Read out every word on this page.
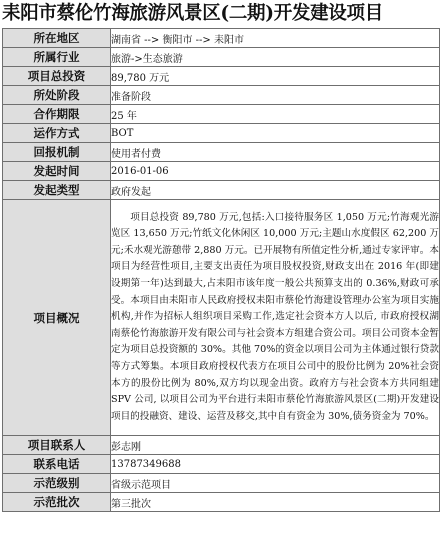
耒阳市蔡伦竹海旅游风景区(二期)开发建设项目
所在地区	湖南省 --> 衡阳市 --> 耒阳市
所属行业	旅游->生态旅游
项目总投资	89,780 万元
所处阶段	准备阶段
合作期限	25 年
运作方式	BOT
回报机制	使用者付费
发起时间	2016-01-06
发起类型	政府发起
项目概况	项目总投资 89,780 万元,包括:入口接待服务区 1,050 万元;竹海观光游览区 13,650 万元;竹纸文化休闲区 10,000 万元;主题山水度假区 62,200 万元;禾水观光游憩带 2,880 万元。已开展物有所值定性分析,通过专家评审。本项目为经营性项目,主要支出责任为项目股权投资,财政支出在 2016 年(即建设期第一年)达到最大,占耒阳市该年度一般公共预算支出的 0.36%,财政可承受。本项目由耒阳市人民政府授权耒阳市蔡伦竹海建设管理办公室为项目实施机构,并作为招标人组织项目采购工作,选定社会资本方人以后, 市政府授权湖南蔡伦竹海旅游开发有限公司与社会资本方组建合资公司。项目公司资本金暂定为项目总投资额的 30%。其他 70%的资金以项目公司为主体通过银行贷款等方式筹集。本项目政府授权代表方在项目公司中的股份比例为 20%社会资本方的股份比例为 80%,双方均以现金出资。政府方与社会资本方共同组建 SPV 公司, 以项目公司为平台进行耒阳市蔡伦竹海旅游风景区(二期)开发建设项目的投融资、建设、运营及移交,其中自有资金为 30%,债务资金为 70%。
项目联系人	彭志刚
联系电话	13787349688
示范级别	省级示范项目
示范批次	第三批次
